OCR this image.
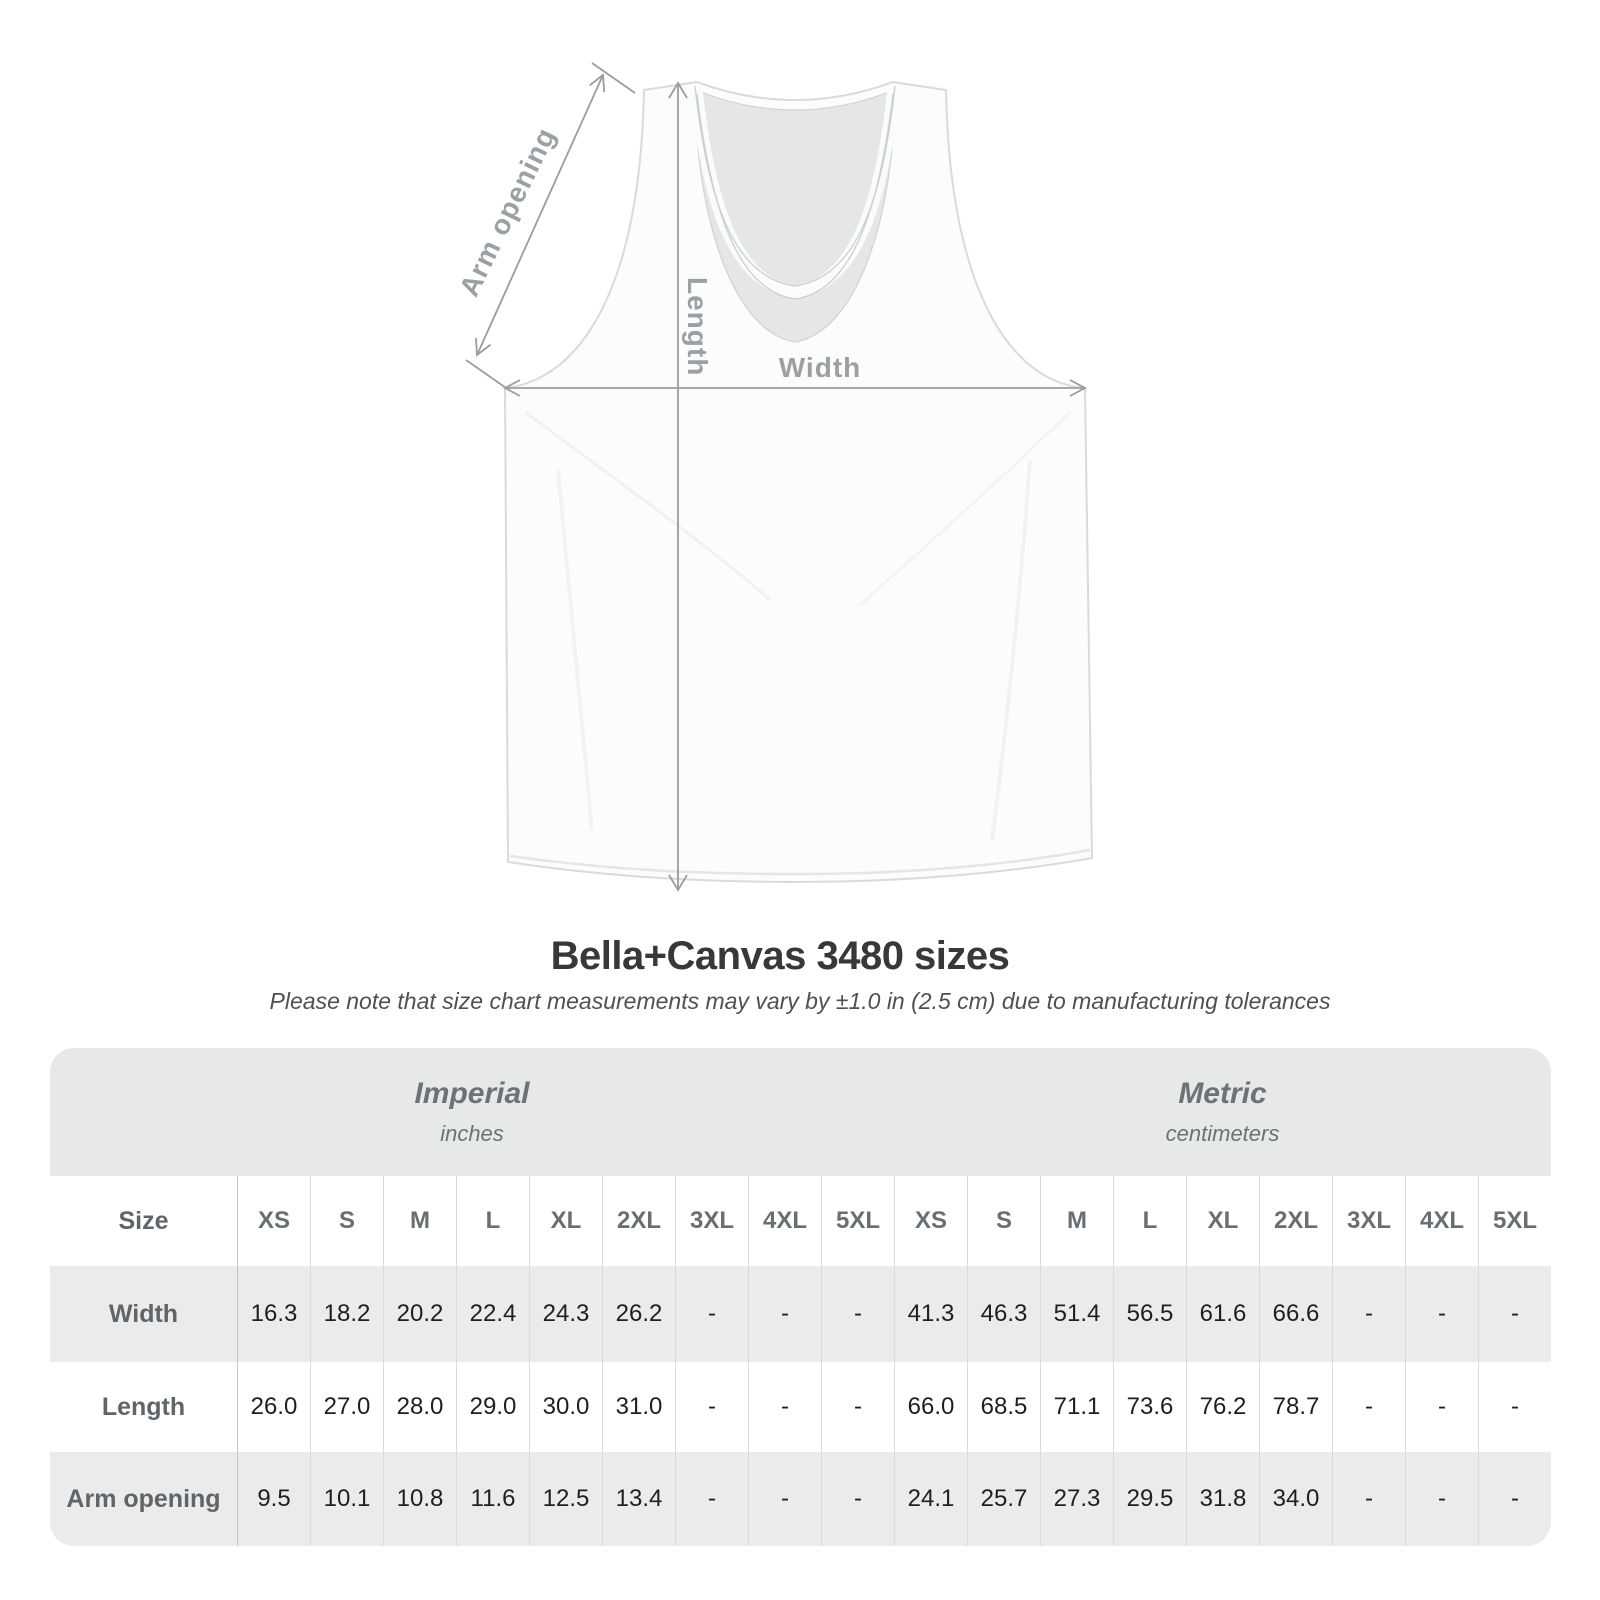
Arm opening
Length Width
Bella+Canvas 3480 sizes
Please note that size chart measurements may vary by ±1.0 in (2.5 cm) due to manufacturing tolerances
Imperial
inches
Metric
centimeters
Size	XS	S	M	L	XL	2XL	3XL	4XL	5XL	XS	S	M	L	XL	2XL	3XL	4XL	5XL
Width	16.3	18.2	20.2	22.4	24.3	26.2	-	-	-	41.3	46.3	51.4	56.5	61.6	66.6	-	-	-
Length	26.0	27.0	28.0	29.0	30.0	31.0	-	-	-	66.0	68.5	71.1	73.6	76.2	78.7	-	-	-
Arm opening	9.5	10.1	10.8	11.6	12.5	13.4	-	-	-	24.1	25.7	27.3	29.5	31.8	34.0	-	-	-
